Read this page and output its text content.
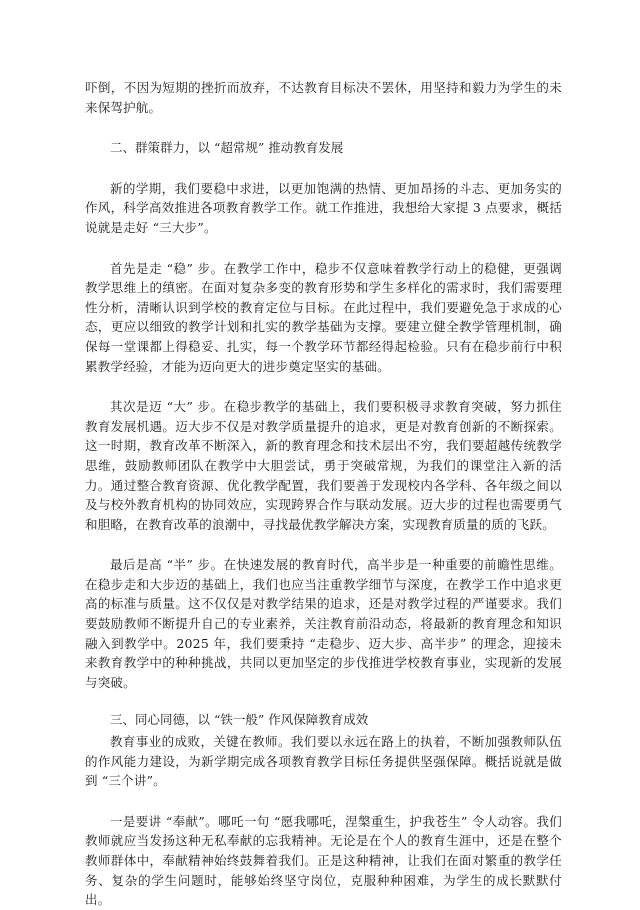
吓倒，不因为短期的挫折而放弃，不达教育目标决不罢休，用坚持和毅力为学生的未来保驾护航。

二、群策群力，以 “超常规” 推动教育发展

新的学期，我们要稳中求进，以更加饱满的热情、更加昂扬的斗志、更加务实的作风，科学高效推进各项教育教学工作。就工作推进，我想给大家提 3 点要求，概括说就是走好 “三大步”。

首先是走 “稳” 步。在教学工作中，稳步不仅意味着教学行动上的稳健，更强调教学思维上的缜密。在面对复杂多变的教育形势和学生多样化的需求时，我们需要理性分析，清晰认识到学校的教育定位与目标。在此过程中，我们要避免急于求成的心态，更应以细致的教学计划和扎实的教学基础为支撑。要建立健全教学管理机制，确保每一堂课都上得稳妥、扎实，每一个教学环节都经得起检验。只有在稳步前行中积累教学经验，才能为迈向更大的进步奠定坚实的基础。

其次是迈 “大” 步。在稳步教学的基础上，我们要积极寻求教育突破，努力抓住教育发展机遇。迈大步不仅是对教学质量提升的追求，更是对教育创新的不断探索。这一时期，教育改革不断深入，新的教育理念和技术层出不穷，我们要超越传统教学思维，鼓励教师团队在教学中大胆尝试，勇于突破常规，为我们的课堂注入新的活力。通过整合教育资源、优化教学配置，我们要善于发现校内各学科、各年级之间以及与校外教育机构的协同效应，实现跨界合作与联动发展。迈大步的过程也需要勇气和胆略，在教育改革的浪潮中，寻找最优教学解决方案，实现教育质量的质的飞跃。

最后是高 “半” 步。在快速发展的教育时代，高半步是一种重要的前瞻性思维。在稳步走和大步迈的基础上，我们也应当注重教学细节与深度，在教学工作中追求更高的标准与质量。这不仅仅是对教学结果的追求，还是对教学过程的严谨要求。我们要鼓励教师不断提升自己的专业素养，关注教育前沿动态，将最新的教育理念和知识融入到教学中。2025 年，我们要秉持 “走稳步、迈大步、高半步” 的理念，迎接未来教育教学中的种种挑战，共同以更加坚定的步伐推进学校教育事业，实现新的发展与突破。

三、同心同德，以 “铁一般” 作风保障教育成效

教育事业的成败，关键在教师。我们要以永远在路上的执着，不断加强教师队伍的作风能力建设，为新学期完成各项教育教学目标任务提供坚强保障。概括说就是做到 “三个讲”。

一是要讲 “奉献”。哪吒一句 “愿我哪吒，涅槃重生，护我苍生” 令人动容。我们教师就应当发扬这种无私奉献的忘我精神。无论是在个人的教育生涯中，还是在整个教师群体中，奉献精神始终鼓舞着我们。正是这种精神，让我们在面对繁重的教学任务、复杂的学生问题时，能够始终坚守岗位，克服种种困难，为学生的成长默默付出。
